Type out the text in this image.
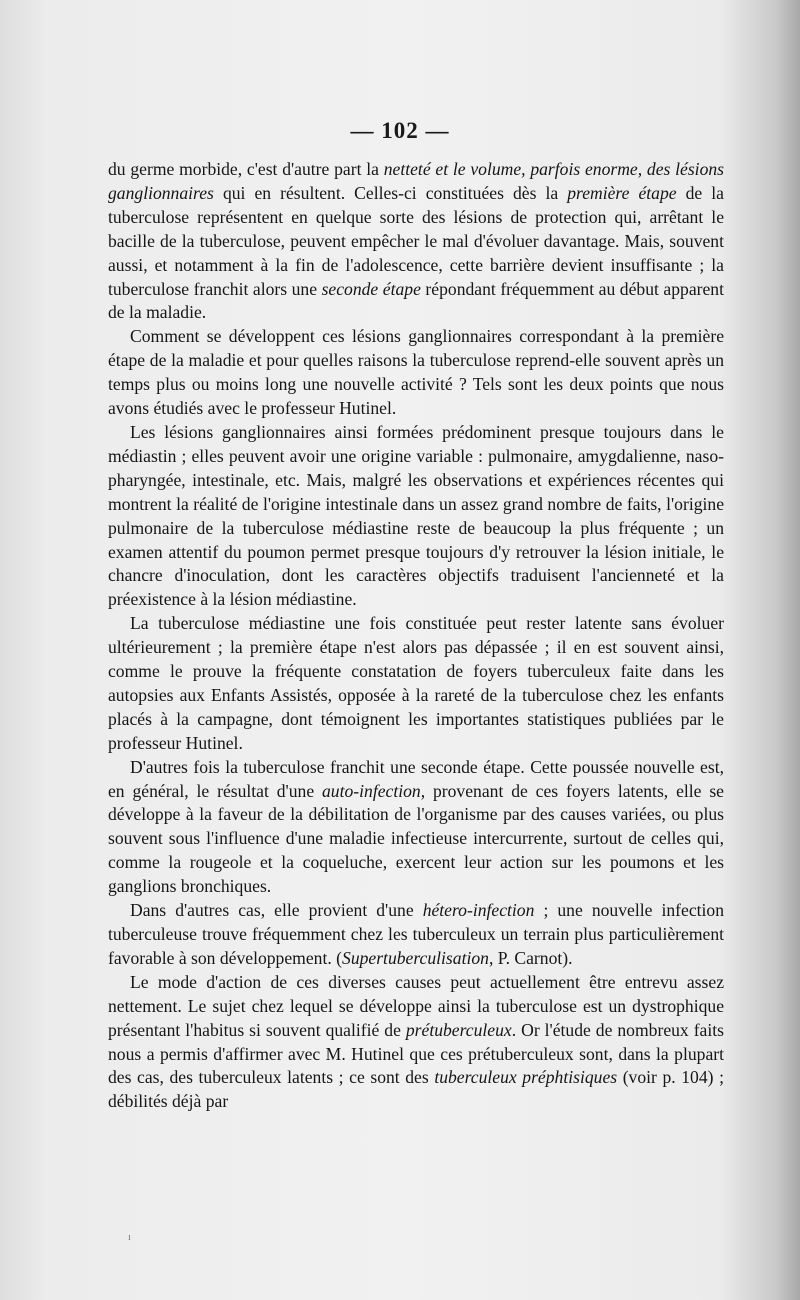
— 102 —

du germe morbide, c'est d'autre part la netteté et le volume, parfois enorme, des lésions ganglionnaires qui en résultent. Celles-ci constituées dès la première étape de la tuberculose représentent en quelque sorte des lésions de protection qui, arrêtant le bacille de la tuberculose, peuvent empêcher le mal d'évoluer davantage. Mais, souvent aussi, et notamment à la fin de l'adolescence, cette barrière devient insuffisante ; la tuberculose franchit alors une seconde étape répondant fréquemment au début apparent de la maladie.

Comment se développent ces lésions ganglionnaires correspondant à la première étape de la maladie et pour quelles raisons la tuberculose reprend-elle souvent après un temps plus ou moins long une nouvelle activité ? Tels sont les deux points que nous avons étudiés avec le professeur Hutinel.

Les lésions ganglionnaires ainsi formées prédominent presque toujours dans le médiastin ; elles peuvent avoir une origine variable : pulmonaire, amygdalienne, naso-pharyngée, intestinale, etc. Mais, malgré les observations et expériences récentes qui montrent la réalité de l'origine intestinale dans un assez grand nombre de faits, l'origine pulmonaire de la tuberculose médiastine reste de beaucoup la plus fréquente ; un examen attentif du poumon permet presque toujours d'y retrouver la lésion initiale, le chancre d'inoculation, dont les caractères objectifs traduisent l'ancienneté et la préexistence à la lésion médiastine.

La tuberculose médiastine une fois constituée peut rester latente sans évoluer ultérieurement ; la première étape n'est alors pas dépassée ; il en est souvent ainsi, comme le prouve la fréquente constatation de foyers tuberculeux faite dans les autopsies aux Enfants Assistés, opposée à la rareté de la tuberculose chez les enfants placés à la campagne, dont témoignent les importantes statistiques publiées par le professeur Hutinel.

D'autres fois la tuberculose franchit une seconde étape. Cette poussée nouvelle est, en général, le résultat d'une auto-infection, provenant de ces foyers latents, elle se développe à la faveur de la débilitation de l'organisme par des causes variées, ou plus souvent sous l'influence d'une maladie infectieuse intercurrente, surtout de celles qui, comme la rougeole et la coqueluche, exercent leur action sur les poumons et les ganglions bronchiques.

Dans d'autres cas, elle provient d'une hétero-infection ; une nouvelle infection tuberculeuse trouve fréquemment chez les tuberculeux un terrain plus particulièrement favorable à son développement. (Supertuberculisation, P. Carnot).

Le mode d'action de ces diverses causes peut actuellement être entrevu assez nettement. Le sujet chez lequel se développe ainsi la tuberculose est un dystrophique présentant l'habitus si souvent qualifié de prétuberculeux. Or l'étude de nombreux faits nous a permis d'affirmer avec M. Hutinel que ces prétuberculeux sont, dans la plupart des cas, des tuberculeux latents ; ce sont des tuberculeux préphtisiques (voir p. 104) ; débilités déjà par

ı
